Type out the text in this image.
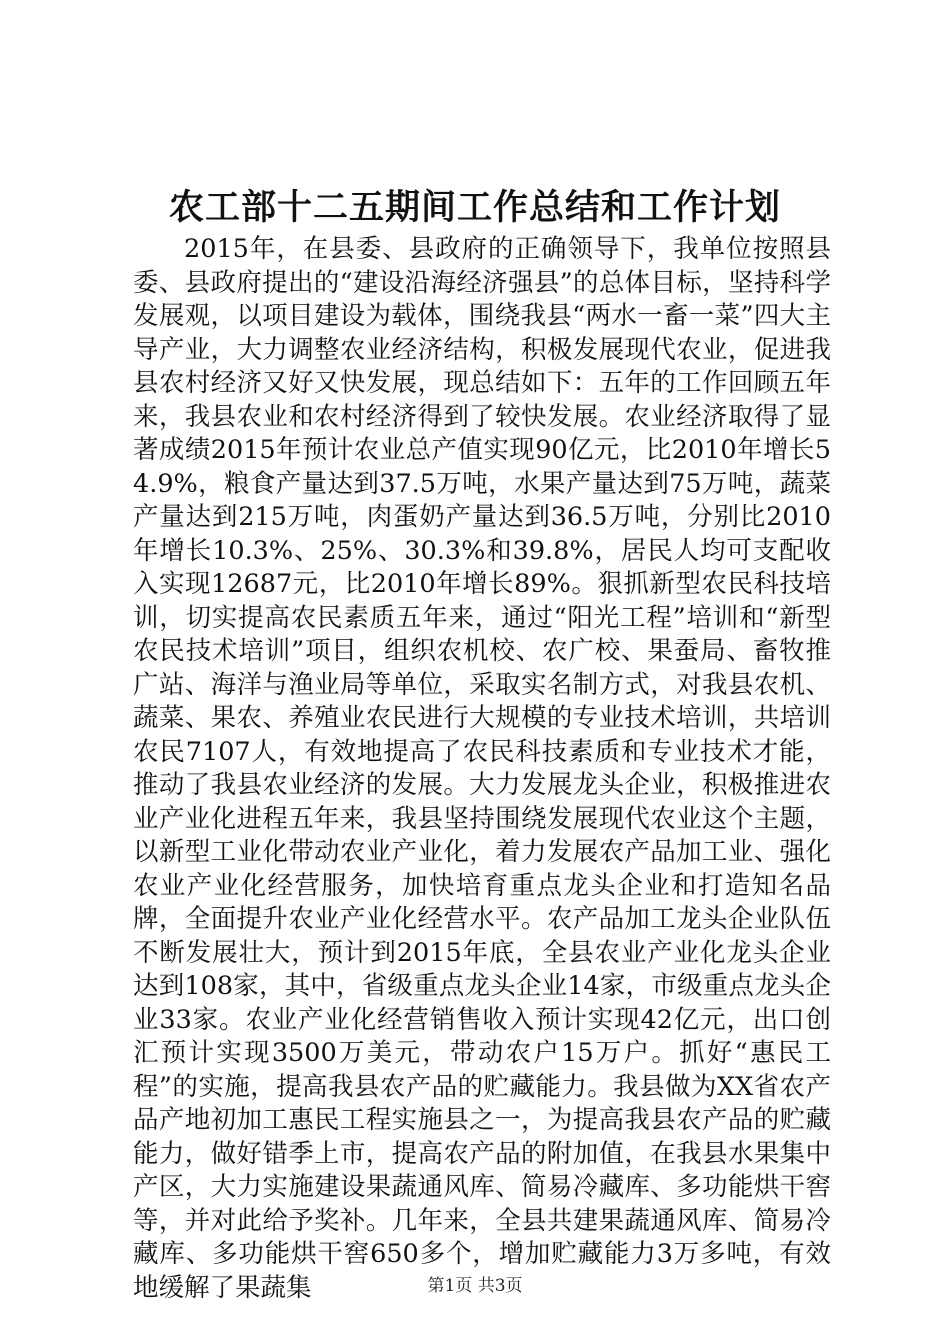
农工部十二五期间工作总结和工作计划

2015年，在县委、县政府的正确领导下，我单位按照县委、县政府提出的“建设沿海经济强县”的总体目标，坚持科学发展观，以项目建设为载体，围绕我县“两水一畜一菜”四大主导产业，大力调整农业经济结构，积极发展现代农业，促进我县农村经济又好又快发展，现总结如下：五年的工作回顾五年来，我县农业和农村经济得到了较快发展。农业经济取得了显著成绩2015年预计农业总产值实现90亿元，比2010年增长54.9%，粮食产量达到37.5万吨，水果产量达到75万吨，蔬菜产量达到215万吨，肉蛋奶产量达到36.5万吨，分别比2010年增长10.3%、25%、30.3%和39.8%，居民人均可支配收入实现12687元，比2010年增长89%。狠抓新型农民科技培训，切实提高农民素质五年来，通过“阳光工程”培训和“新型农民技术培训”项目，组织农机校、农广校、果蚕局、畜牧推广站、海洋与渔业局等单位，采取实名制方式，对我县农机、蔬菜、果农、养殖业农民进行大规模的专业技术培训，共培训农民7107人，有效地提高了农民科技素质和专业技术才能，推动了我县农业经济的发展。大力发展龙头企业，积极推进农业产业化进程五年来，我县坚持围绕发展现代农业这个主题，以新型工业化带动农业产业化，着力发展农产品加工业、强化农业产业化经营服务，加快培育重点龙头企业和打造知名品牌，全面提升农业产业化经营水平。农产品加工龙头企业队伍不断发展壮大，预计到2015年底，全县农业产业化龙头企业达到108家，其中，省级重点龙头企业14家，市级重点龙头企业33家。农业产业化经营销售收入预计实现42亿元，出口创汇预计实现3500万美元，带动农户15万户。抓好“惠民工程”的实施，提高我县农产品的贮藏能力。我县做为XX省农产品产地初加工惠民工程实施县之一，为提高我县农产品的贮藏能力，做好错季上市，提高农产品的附加值，在我县水果集中产区，大力实施建设果蔬通风库、简易冷藏库、多功能烘干窖等，并对此给予奖补。几年来，全县共建果蔬通风库、简易冷藏库、多功能烘干窖650多个，增加贮藏能力3万多吨，有效地缓解了果蔬集	第1页 共3页
